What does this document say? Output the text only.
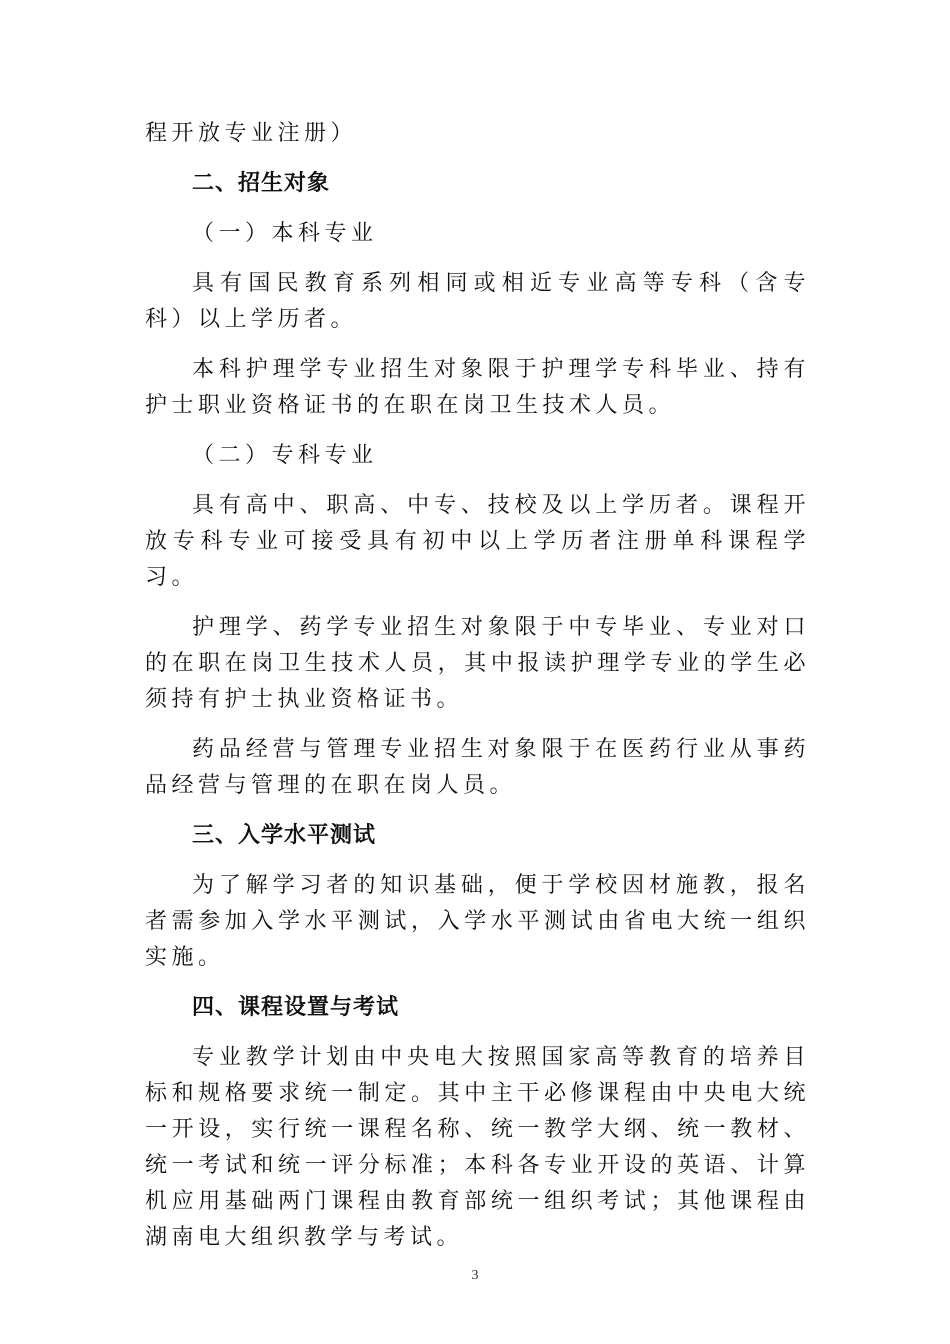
程开放专业注册）

二、招生对象

（一）本科专业

具有国民教育系列相同或相近专业高等专科（含专科）以上学历者。

本科护理学专业招生对象限于护理学专科毕业、持有护士职业资格证书的在职在岗卫生技术人员。

（二）专科专业

具有高中、职高、中专、技校及以上学历者。课程开放专科专业可接受具有初中以上学历者注册单科课程学习。

护理学、药学专业招生对象限于中专毕业、专业对口的在职在岗卫生技术人员，其中报读护理学专业的学生必须持有护士执业资格证书。

药品经营与管理专业招生对象限于在医药行业从事药品经营与管理的在职在岗人员。

三、入学水平测试

为了解学习者的知识基础，便于学校因材施教，报名者需参加入学水平测试，入学水平测试由省电大统一组织实施。

四、课程设置与考试

专业教学计划由中央电大按照国家高等教育的培养目标和规格要求统一制定。其中主干必修课程由中央电大统一开设，实行统一课程名称、统一教学大纲、统一教材、统一考试和统一评分标准；本科各专业开设的英语、计算机应用基础两门课程由教育部统一组织考试；其他课程由湖南电大组织教学与考试。

3
